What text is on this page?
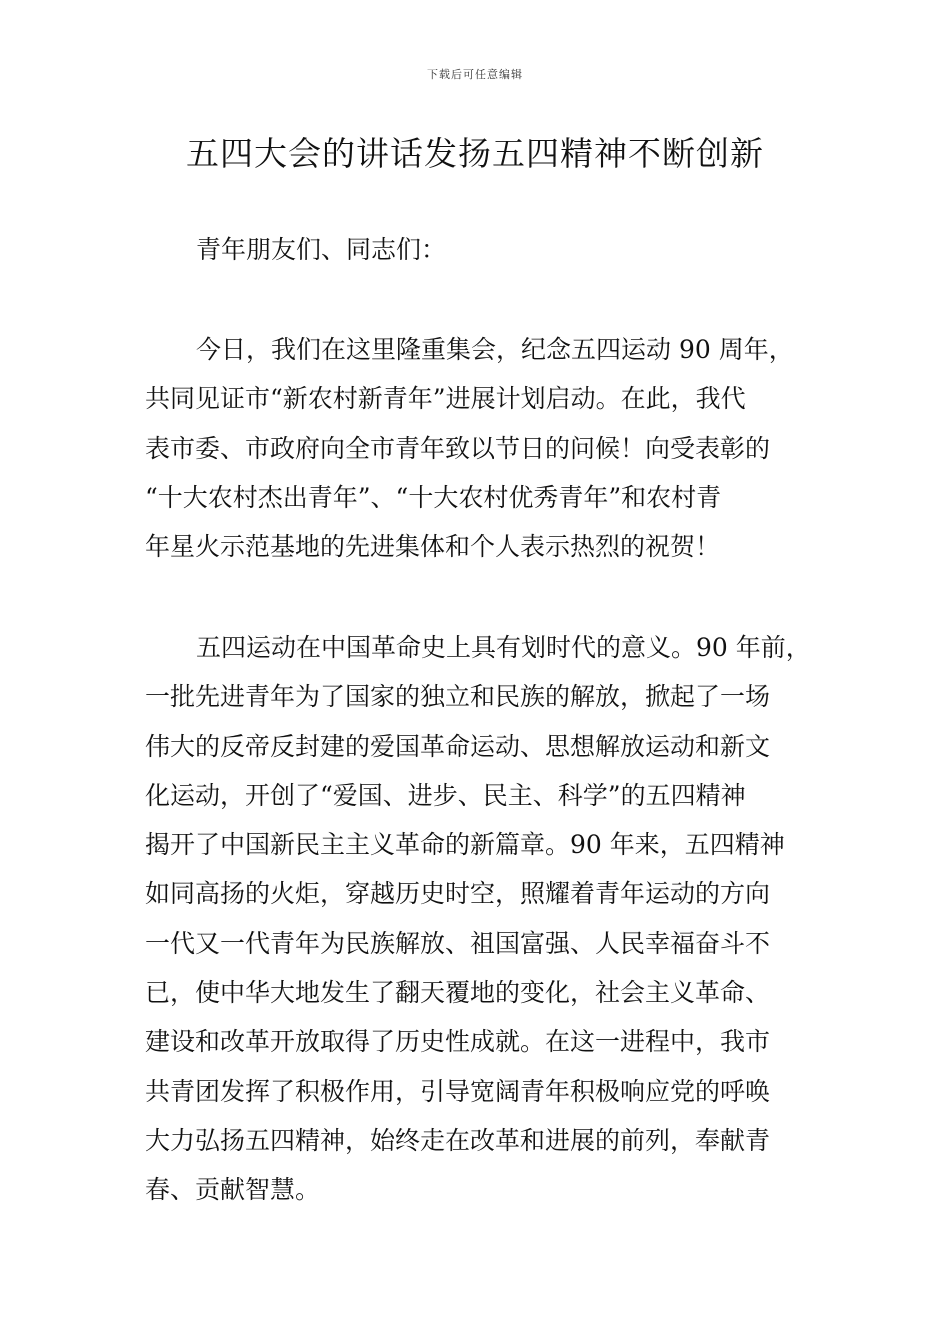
下载后可任意编辑
五四大会的讲话发扬五四精神不断创新
青年朋友们、同志们：
今日，我们在这里隆重集会，纪念五四运动 90 周年，
共同见证市“新农村新青年”进展计划启动。在此，我代
表市委、市政府向全市青年致以节日的问候！向受表彰的
“十大农村杰出青年”、“十大农村优秀青年”和农村青
年星火示范基地的先进集体和个人表示热烈的祝贺！
五四运动在中国革命史上具有划时代的意义。90 年前，
一批先进青年为了国家的独立和民族的解放，掀起了一场
伟大的反帝反封建的爱国革命运动、思想解放运动和新文
化运动，开创了“爱国、进步、民主、科学”的五四精神
揭开了中国新民主主义革命的新篇章。90 年来，五四精神
如同高扬的火炬，穿越历史时空，照耀着青年运动的方向
一代又一代青年为民族解放、祖国富强、人民幸福奋斗不
已，使中华大地发生了翻天覆地的变化，社会主义革命、
建设和改革开放取得了历史性成就。在这一进程中，我市
共青团发挥了积极作用，引导宽阔青年积极响应党的呼唤
大力弘扬五四精神，始终走在改革和进展的前列，奉献青
春、贡献智慧。
